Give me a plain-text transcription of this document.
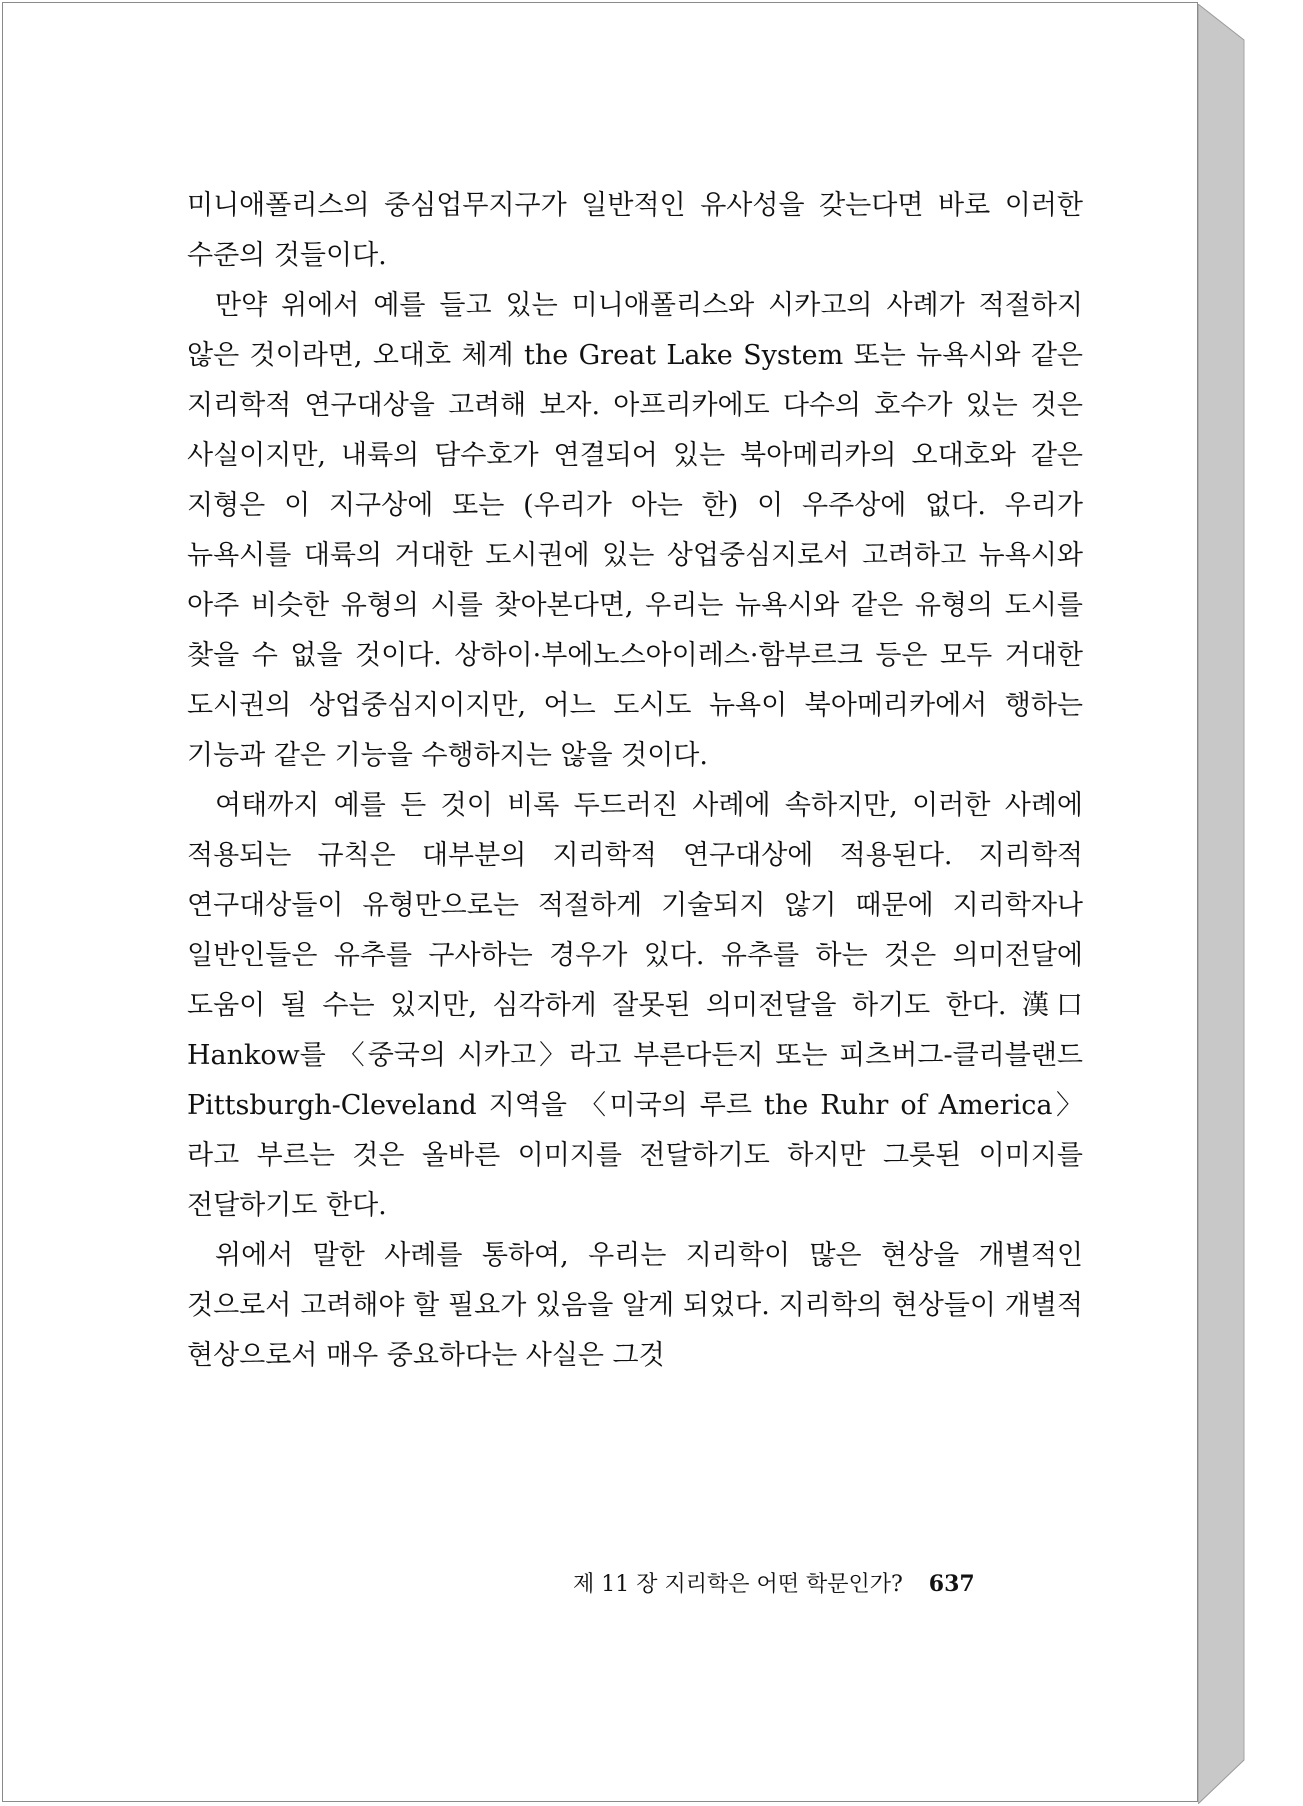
미니애폴리스의 중심업무지구가 일반적인 유사성을 갖는다면 바로 이러한 수준의 것들이다.

만약 위에서 예를 들고 있는 미니애폴리스와 시카고의 사례가 적절하지 않은 것이라면, 오대호 체계 the Great Lake System 또는 뉴욕시와 같은 지리학적 연구대상을 고려해 보자. 아프리카에도 다수의 호수가 있는 것은 사실이지만, 내륙의 담수호가 연결되어 있는 북아메리카의 오대호와 같은 지형은 이 지구상에 또는 (우리가 아는 한) 이 우주상에 없다. 우리가 뉴욕시를 대륙의 거대한 도시권에 있는 상업중심지로서 고려하고 뉴욕시와 아주 비슷한 유형의 시를 찾아본다면, 우리는 뉴욕시와 같은 유형의 도시를 찾을 수 없을 것이다. 상하이·부에노스아이레스·함부르크 등은 모두 거대한 도시권의 상업중심지이지만, 어느 도시도 뉴욕이 북아메리카에서 행하는 기능과 같은 기능을 수행하지는 않을 것이다.

여태까지 예를 든 것이 비록 두드러진 사례에 속하지만, 이러한 사례에 적용되는 규칙은 대부분의 지리학적 연구대상에 적용된다. 지리학적 연구대상들이 유형만으로는 적절하게 기술되지 않기 때문에 지리학자나 일반인들은 유추를 구사하는 경우가 있다. 유추를 하는 것은 의미전달에 도움이 될 수는 있지만, 심각하게 잘못된 의미전달을 하기도 한다. 漢口 Hankow를 〈중국의 시카고〉라고 부른다든지 또는 피츠버그-클리블랜드 Pittsburgh-Cleveland 지역을 〈미국의 루르 the Ruhr of America〉라고 부르는 것은 올바른 이미지를 전달하기도 하지만 그릇된 이미지를 전달하기도 한다.

위에서 말한 사례를 통하여, 우리는 지리학이 많은 현상을 개별적인 것으로서 고려해야 할 필요가 있음을 알게 되었다. 지리학의 현상들이 개별적 현상으로서 매우 중요하다는 사실은 그것

제 11 장 지리학은 어떤 학문인가? 637
